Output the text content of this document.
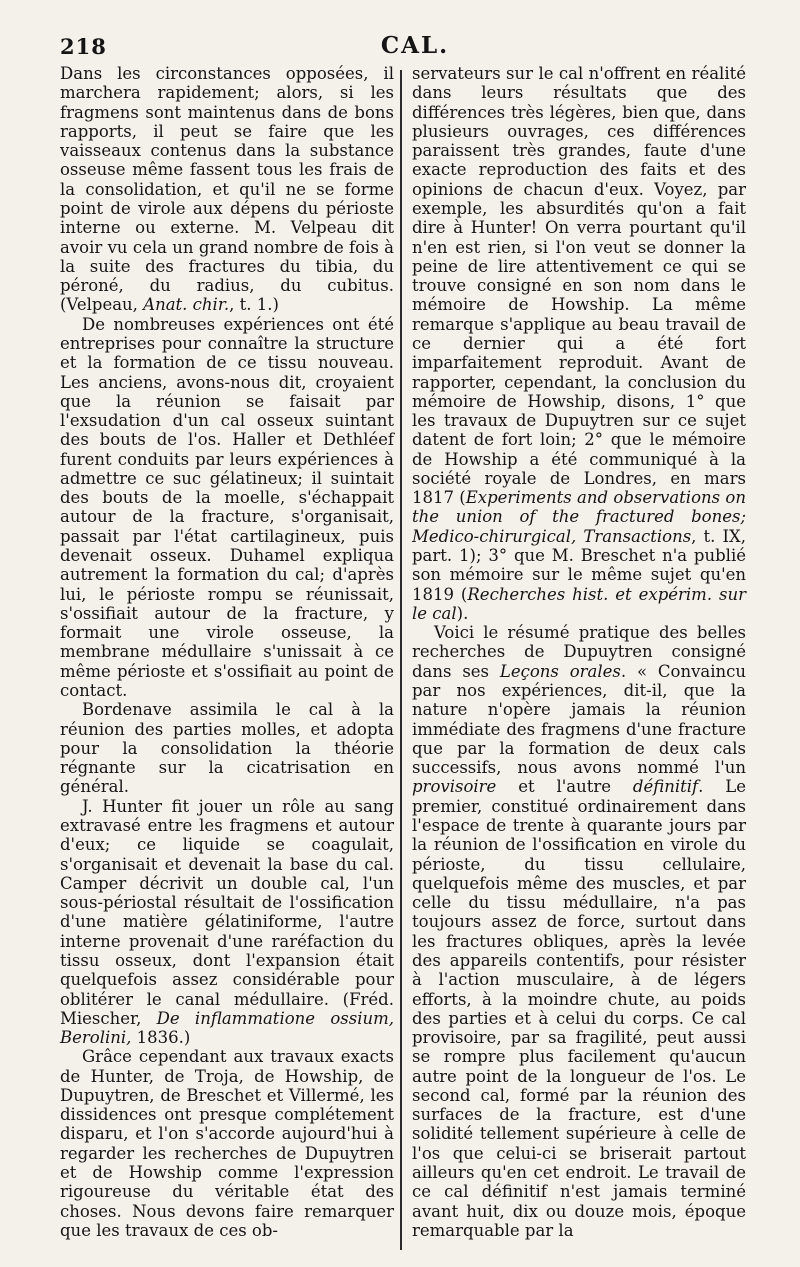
218	CAL.

Dans les circonstances opposées, il marchera rapidement; alors, si les fragmens sont maintenus dans de bons rapports, il peut se faire que les vaisseaux contenus dans la substance osseuse même fassent tous les frais de la consolidation, et qu'il ne se forme point de virole aux dépens du périoste interne ou externe. M. Velpeau dit avoir vu cela un grand nombre de fois à la suite des fractures du tibia, du péroné, du radius, du cubitus. (Velpeau, Anat. chir., t. 1.)

De nombreuses expériences ont été entreprises pour connaître la structure et la formation de ce tissu nouveau. Les anciens, avons-nous dit, croyaient que la réunion se faisait par l'exsudation d'un cal osseux suintant des bouts de l'os. Haller et Dethléef furent conduits par leurs expériences à admettre ce suc gélatineux; il suintait des bouts de la moelle, s'échappait autour de la fracture, s'organisait, passait par l'état cartilagineux, puis devenait osseux. Duhamel expliqua autrement la formation du cal; d'après lui, le périoste rompu se réunissait, s'ossifiait autour de la fracture, y formait une virole osseuse, la membrane médullaire s'unissait à ce même périoste et s'ossifiait au point de contact.

Bordenave assimila le cal à la réunion des parties molles, et adopta pour la consolidation la théorie régnante sur la cicatrisation en général.

J. Hunter fit jouer un rôle au sang extravasé entre les fragmens et autour d'eux; ce liquide se coagulait, s'organisait et devenait la base du cal. Camper décrivit un double cal, l'un sous-périostal résultait de l'ossification d'une matière gélatiniforme, l'autre interne provenait d'une raréfaction du tissu osseux, dont l'expansion était quelquefois assez considérable pour oblitérer le canal médullaire. (Fréd. Miescher, De inflammatione ossium, Berolini, 1836.)

Grâce cependant aux travaux exacts de Hunter, de Troja, de Howship, de Dupuytren, de Breschet et Villermé, les dissidences ont presque complétement disparu, et l'on s'accorde aujourd'hui à regarder les recherches de Dupuytren et de Howship comme l'expression rigoureuse du véritable état des choses. Nous devons faire remarquer que les travaux de ces ob-

servateurs sur le cal n'offrent en réalité dans leurs résultats que des différences très légères, bien que, dans plusieurs ouvrages, ces différences paraissent très grandes, faute d'une exacte reproduction des faits et des opinions de chacun d'eux. Voyez, par exemple, les absurdités qu'on a fait dire à Hunter! On verra pourtant qu'il n'en est rien, si l'on veut se donner la peine de lire attentivement ce qui se trouve consigné en son nom dans le mémoire de Howship. La même remarque s'applique au beau travail de ce dernier qui a été fort imparfaitement reproduit. Avant de rapporter, cependant, la conclusion du mémoire de Howship, disons, 1° que les travaux de Dupuytren sur ce sujet datent de fort loin; 2° que le mémoire de Howship a été communiqué à la société royale de Londres, en mars 1817 (Experiments and observations on the union of the fractured bones; Medico-chirurgical, Transactions, t. IX, part. 1); 3° que M. Breschet n'a publié son mémoire sur le même sujet qu'en 1819 (Recherches hist. et expérim. sur le cal).

Voici le résumé pratique des belles recherches de Dupuytren consigné dans ses Leçons orales. « Convaincu par nos expériences, dit-il, que la nature n'opère jamais la réunion immédiate des fragmens d'une fracture que par la formation de deux cals successifs, nous avons nommé l'un provisoire et l'autre définitif. Le premier, constitué ordinairement dans l'espace de trente à quarante jours par la réunion de l'ossification en virole du périoste, du tissu cellulaire, quelquefois même des muscles, et par celle du tissu médullaire, n'a pas toujours assez de force, surtout dans les fractures obliques, après la levée des appareils contentifs, pour résister à l'action musculaire, à de légers efforts, à la moindre chute, au poids des parties et à celui du corps. Ce cal provisoire, par sa fragilité, peut aussi se rompre plus facilement qu'aucun autre point de la longueur de l'os. Le second cal, formé par la réunion des surfaces de la fracture, est d'une solidité tellement supérieure à celle de l'os que celui-ci se briserait partout ailleurs qu'en cet endroit. Le travail de ce cal définitif n'est jamais terminé avant huit, dix ou douze mois, époque remarquable par la
